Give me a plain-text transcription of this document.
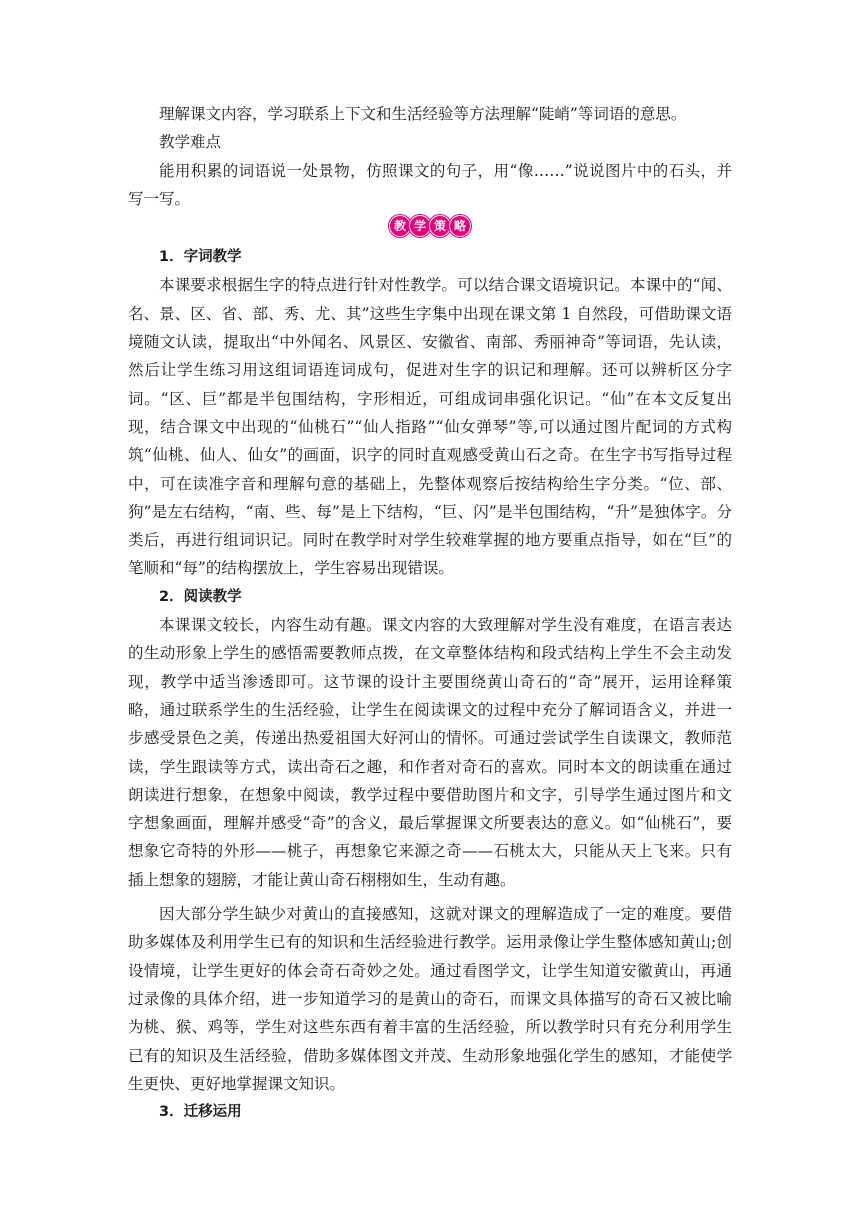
理解课文内容，学习联系上下文和生活经验等方法理解“陡峭”等词语的意思。

教学难点

能用积累的词语说一处景物，仿照课文的句子，用“像……”说说图片中的石头，并写一写。

教 学 策 略

1．字词教学

本课要求根据生字的特点进行针对性教学。可以结合课文语境识记。本课中的“闻、名、景、区、省、部、秀、尤、其”这些生字集中出现在课文第 1 自然段，可借助课文语境随文认读，提取出“中外闻名、风景区、安徽省、南部、秀丽神奇”等词语，先认读，然后让学生练习用这组词语连词成句，促进对生字的识记和理解。还可以辨析区分字词。“区、巨”都是半包围结构，字形相近，可组成词串强化识记。“仙”在本文反复出现，结合课文中出现的“仙桃石”“仙人指路”“仙女弹琴”等,可以通过图片配词的方式构筑“仙桃、仙人、仙女”的画面，识字的同时直观感受黄山石之奇。在生字书写指导过程中，可在读准字音和理解句意的基础上，先整体观察后按结构给生字分类。“位、部、狗”是左右结构，“南、些、每”是上下结构，“巨、闪”是半包围结构，“升”是独体字。分类后，再进行组词识记。同时在教学时对学生较难掌握的地方要重点指导，如在“巨”的笔顺和“每”的结构摆放上，学生容易出现错误。

2．阅读教学

本课课文较长，内容生动有趣。课文内容的大致理解对学生没有难度，在语言表达的生动形象上学生的感悟需要教师点拨，在文章整体结构和段式结构上学生不会主动发现，教学中适当渗透即可。这节课的设计主要围绕黄山奇石的“奇”展开，运用诠释策略，通过联系学生的生活经验，让学生在阅读课文的过程中充分了解词语含义，并进一步感受景色之美，传递出热爱祖国大好河山的情怀。可通过尝试学生自读课文，教师范读，学生跟读等方式，读出奇石之趣，和作者对奇石的喜欢。同时本文的朗读重在通过朗读进行想象，在想象中阅读，教学过程中要借助图片和文字，引导学生通过图片和文字想象画面，理解并感受“奇”的含义，最后掌握课文所要表达的意义。如“仙桃石”，要想象它奇特的外形——桃子，再想象它来源之奇——石桃太大，只能从天上飞来。只有插上想象的翅膀，才能让黄山奇石栩栩如生，生动有趣。

因大部分学生缺少对黄山的直接感知，这就对课文的理解造成了一定的难度。要借助多媒体及利用学生已有的知识和生活经验进行教学。运用录像让学生整体感知黄山;创设情境，让学生更好的体会奇石奇妙之处。通过看图学文，让学生知道安徽黄山，再通过录像的具体介绍，进一步知道学习的是黄山的奇石，而课文具体描写的奇石又被比喻为桃、猴、鸡等，学生对这些东西有着丰富的生活经验，所以教学时只有充分利用学生已有的知识及生活经验，借助多媒体图文并茂、生动形象地强化学生的感知，才能使学生更快、更好地掌握课文知识。

3．迁移运用
